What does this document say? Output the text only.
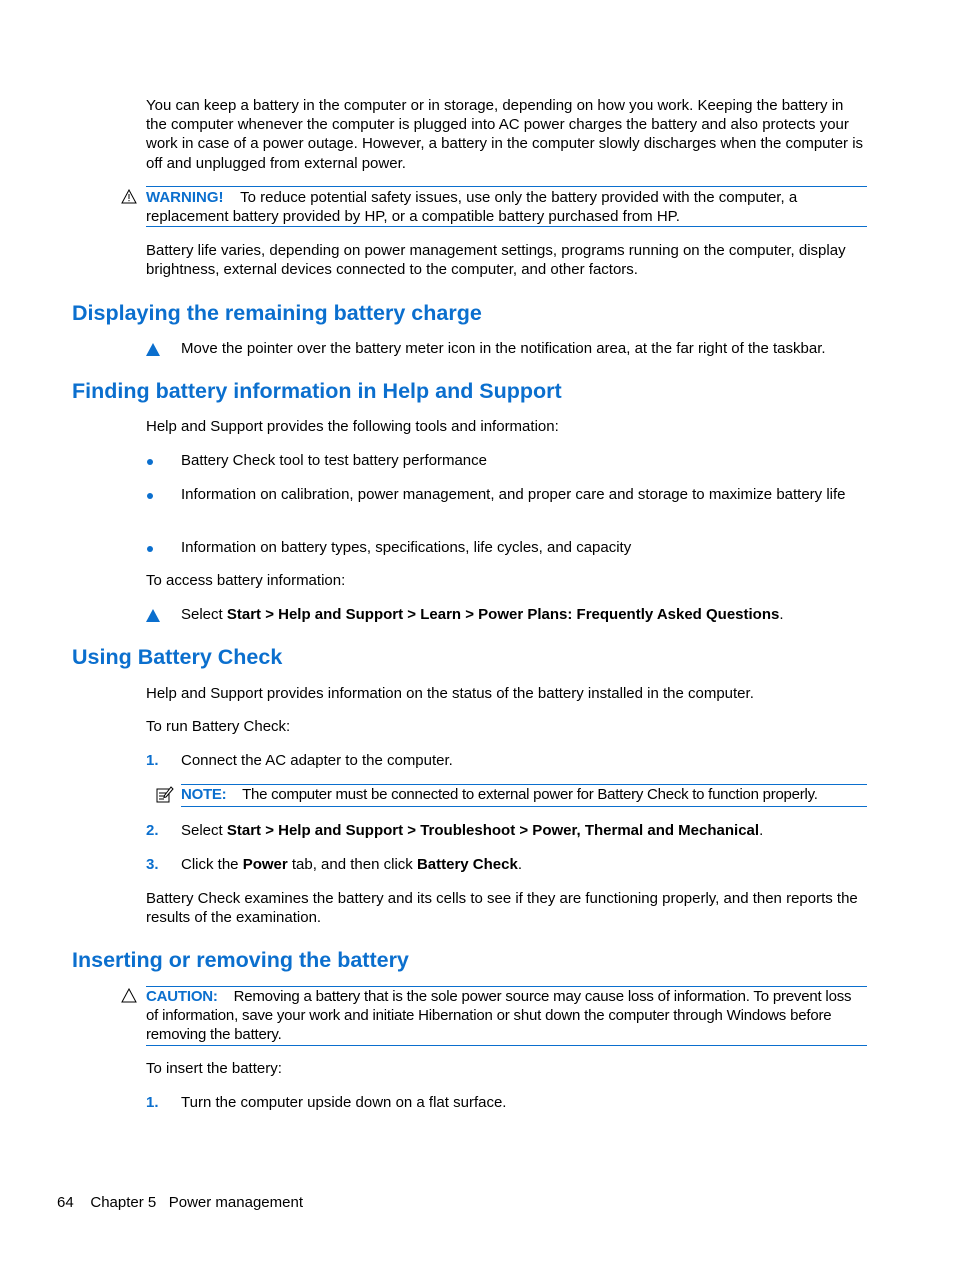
You can keep a battery in the computer or in storage, depending on how you work. Keeping the battery in the computer whenever the computer is plugged into AC power charges the battery and also protects your work in case of a power outage. However, a battery in the computer slowly discharges when the computer is off and unplugged from external power.
WARNING! To reduce potential safety issues, use only the battery provided with the computer, a replacement battery provided by HP, or a compatible battery purchased from HP.
Battery life varies, depending on power management settings, programs running on the computer, display brightness, external devices connected to the computer, and other factors.
Displaying the remaining battery charge
Move the pointer over the battery meter icon in the notification area, at the far right of the taskbar.
Finding battery information in Help and Support
Help and Support provides the following tools and information:
Battery Check tool to test battery performance
Information on calibration, power management, and proper care and storage to maximize battery life
Information on battery types, specifications, life cycles, and capacity
To access battery information:
Select Start > Help and Support > Learn > Power Plans: Frequently Asked Questions.
Using Battery Check
Help and Support provides information on the status of the battery installed in the computer.
To run Battery Check:
1. Connect the AC adapter to the computer.
NOTE: The computer must be connected to external power for Battery Check to function properly.
2. Select Start > Help and Support > Troubleshoot > Power, Thermal and Mechanical.
3. Click the Power tab, and then click Battery Check.
Battery Check examines the battery and its cells to see if they are functioning properly, and then reports the results of the examination.
Inserting or removing the battery
CAUTION: Removing a battery that is the sole power source may cause loss of information. To prevent loss of information, save your work and initiate Hibernation or shut down the computer through Windows before removing the battery.
To insert the battery:
1. Turn the computer upside down on a flat surface.
64 Chapter 5 Power management
